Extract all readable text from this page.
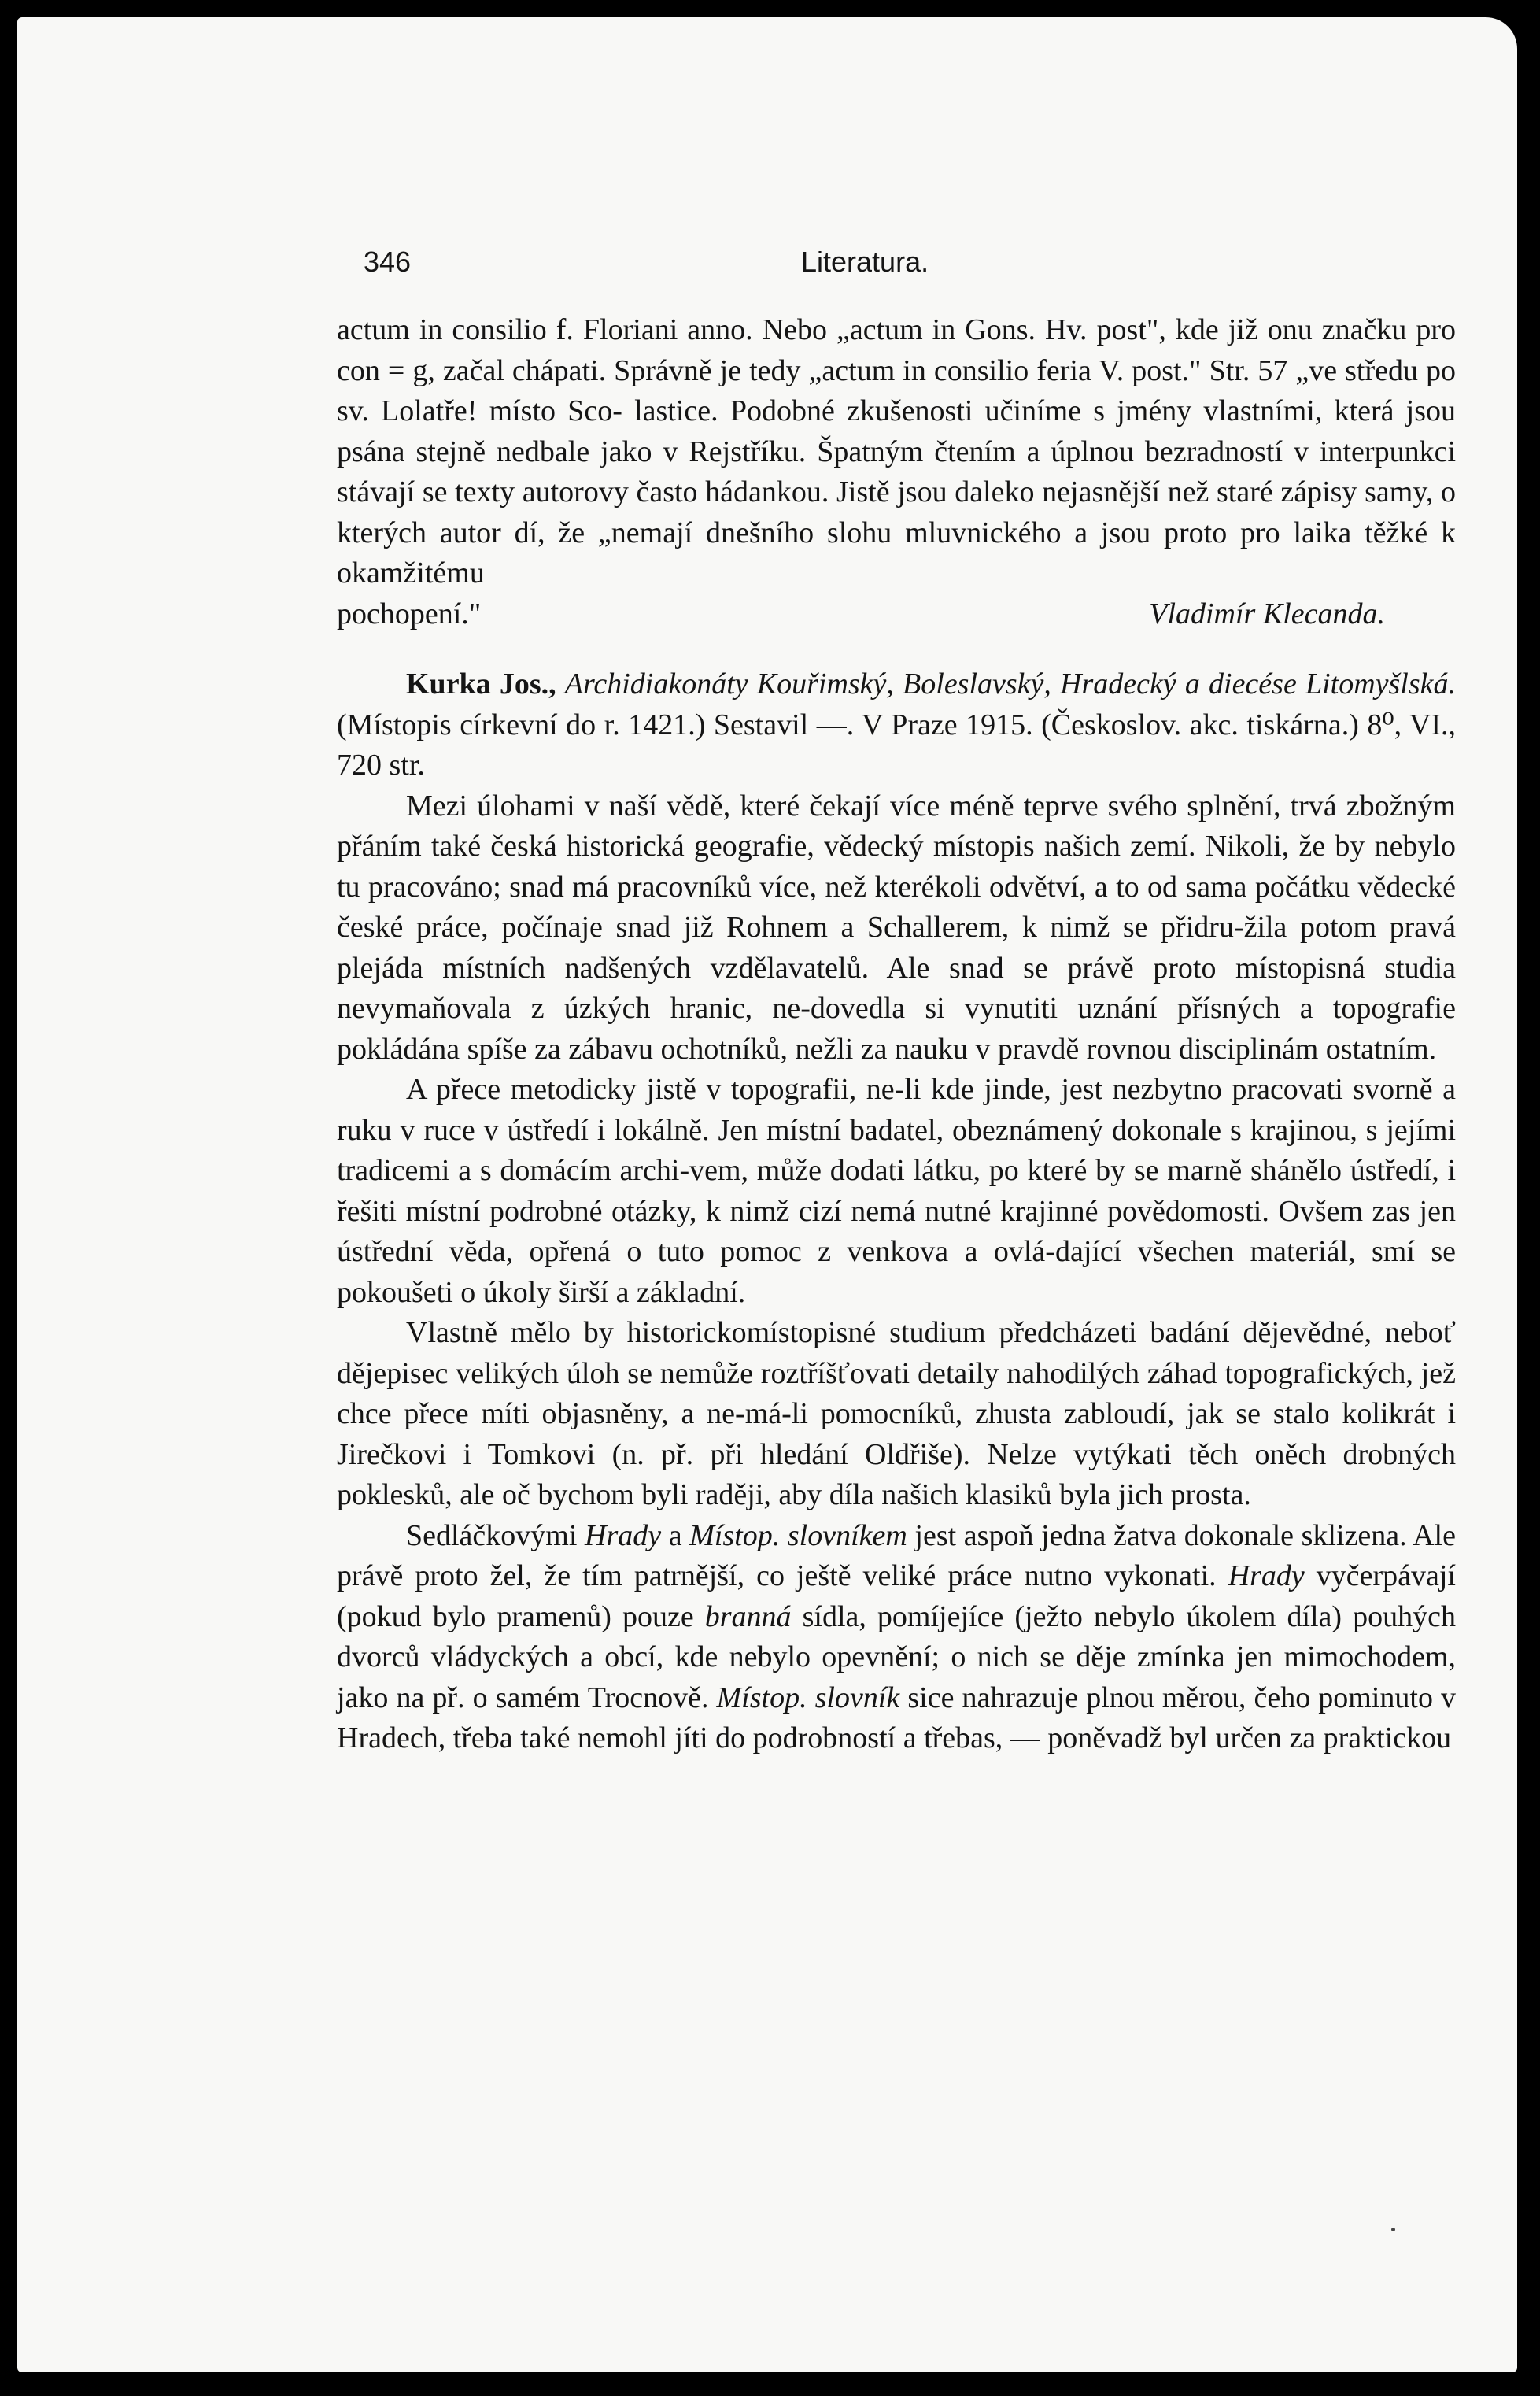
346	Literatura.

actum in consilio f. Floriani anno. Nebo „actum in Gons. Hv. post", kde již onu značku pro con = g, začal chápati. Správně je tedy „actum in consilio feria V. post." Str. 57 „ve středu po sv. Lolatře! místo Sco- lastice. Podobné zkušenosti učiníme s jmény vlastními, která jsou psána stejně nedbale jako v Rejstříku. Špatným čtením a úplnou bezradností v interpunkci stávají se texty autorovy často hádankou. Jistě jsou daleko nejasnější než staré zápisy samy, o kterých autor dí, že „nemají dnešního slohu mluvnického a jsou proto pro laika těžké k okamžitému

pochopení."	Vladimír Klecanda.

Kurka Jos., Archidiakonáty Kouřimský, Boleslavský, Hradecký a diecése Litomyšlská. (Místopis církevní do r. 1421.) Sestavil —. V Praze 1915. (Českoslov. akc. tiskárna.) 8⁰, VI., 720 str.

Mezi úlohami v naší vědě, které čekají více méně teprve svého splnění, trvá zbožným přáním také česká historická geografie, vědecký místopis našich zemí. Nikoli, že by nebylo tu pracováno; snad má pracovníků více, než kterékoli odvětví, a to od sama počátku vědecké české práce, počínaje snad již Rohnem a Schallerem, k nimž se přidru-žila potom pravá plejáda místních nadšených vzdělavatelů. Ale snad se právě proto místopisná studia nevymaňovala z úzkých hranic, ne-dovedla si vynutiti uznání přísných a topografie pokládána spíše za zábavu ochotníků, nežli za nauku v pravdě rovnou disciplinám ostatním.

A přece metodicky jistě v topografii, ne-li kde jinde, jest nezbytno pracovati svorně a ruku v ruce v ústředí i lokálně. Jen místní badatel, obeznámený dokonale s krajinou, s jejími tradicemi a s domácím archi-vem, může dodati látku, po které by se marně shánělo ústředí, i řešiti místní podrobné otázky, k nimž cizí nemá nutné krajinné povědomosti. Ovšem zas jen ústřední věda, opřená o tuto pomoc z venkova a ovlá-dající všechen materiál, smí se pokoušeti o úkoly širší a základní.

Vlastně mělo by historickomístopisné studium předcházeti badání dějevědné, neboť dějepisec velikých úloh se nemůže roztříšťovati detaily nahodilých záhad topografických, jež chce přece míti objasněny, a ne-má-li pomocníků, zhusta zabloudí, jak se stalo kolikrát i Jirečkovi i Tomkovi (n. př. při hledání Oldřiše). Nelze vytýkati těch oněch drobných poklesků, ale oč bychom byli raději, aby díla našich klasiků byla jich prosta.

Sedláčkovými Hrady a Místop. slovníkem jest aspoň jedna žatva dokonale sklizena. Ale právě proto žel, že tím patrnější, co ještě veliké práce nutno vykonati. Hrady vyčerpávají (pokud bylo pramenů) pouze branná sídla, pomíjejíce (ježto nebylo úkolem díla) pouhých dvorců vládyckých a obcí, kde nebylo opevnění; o nich se děje zmínka jen mimochodem, jako na př. o samém Trocnově. Místop. slovník sice nahrazuje plnou měrou, čeho pominuto v Hradech, třeba také nemohl jíti do podrobností a třebas, — poněvadž byl určen za praktickou
